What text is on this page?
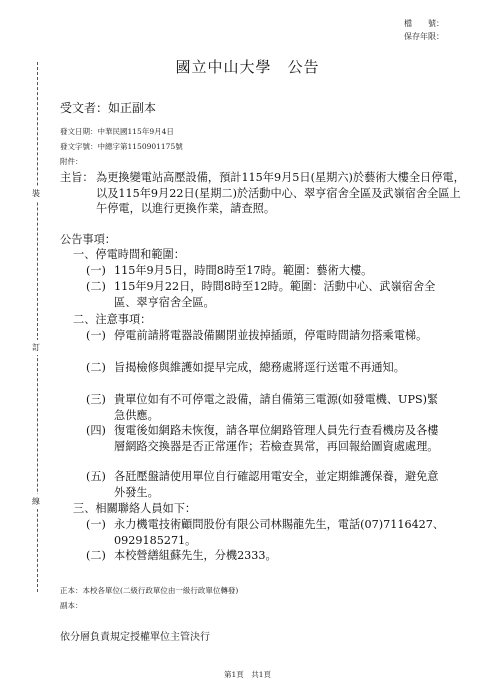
檔　　號：
保存年限：
國立中山大學　公告
裝
訂
線
受文者：如正副本
發文日期：中華民國115年9月4日
發文字號：中總字第1150901175號
附件：
主旨： 為更換變電站高壓設備，預計115年9月5日(星期六)於藝術大樓全日停電，以及115年9月22日(星期二)於活動中心、翠亨宿舍全區及武嶺宿舍全區上午停電，以進行更換作業，請查照。
公告事項：
一、停電時間和範圍：
(一) 115年9月5日，時間8時至17時。範圍：藝術大樓。
(二) 115年9月22日，時間8時至12時。範圍：活動中心、武嶺宿舍全區、翠亨宿舍全區。
二、注意事項：
(一) 停電前請將電器設備關閉並拔掉插頭，停電時間請勿搭乘電梯。
(二) 旨揭檢修與維護如提早完成，總務處將逕行送電不再通知。
(三) 貴單位如有不可停電之設備，請自備第三電源(如發電機、UPS)緊急供應。
(四) 復電後如網路未恢復，請各單位網路管理人員先行查看機房及各樓層網路交換器是否正常運作；若檢查異常，再回報給圖資處處理。
(五) 各瓩壓盤請使用單位自行確認用電安全，並定期維護保養，避免意外發生。
三、相關聯絡人員如下：
(一) 永力機電技術顧問股份有限公司林賜龍先生，電話(07)7116427、0929185271。
(二) 本校營繕組蘇先生，分機2333。
正本：本校各單位(二級行政單位由一級行政單位轉發)
副本：
依分層負責規定授權單位主管決行
第1頁　共1頁
